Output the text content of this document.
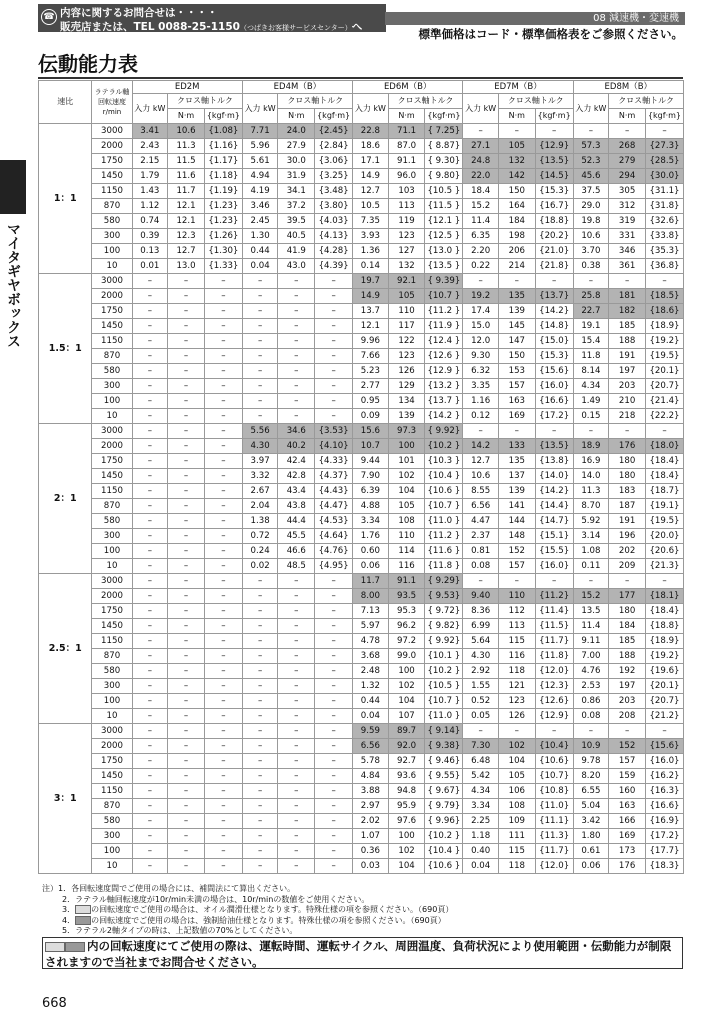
☎ 内容に関するお問合せは・・・・
販売店または、TEL 0088-25-1150（つばきお客様サービスセンター）へ
08 減速機・変速機
標準価格はコード・標準価格表をご参照ください。
伝動能力表
マイタギヤボックス
速比	ラテラル軸回転速度 r/min	ED2M			ED4M（B）			ED6M（B）			ED7M（B）			ED8M（B）		
		入力 kW	クロス軸トルク		入力 kW	クロス軸トルク		入力 kW	クロス軸トルク		入力 kW	クロス軸トルク		入力 kW	クロス軸トルク	
			N·m	{kgf·m}		N·m	{kgf·m}		N·m	{kgf·m}		N·m	{kgf·m}		N·m	{kgf·m}
1：1	3000	3.41	10.6	{1.08}	7.71	24.0	{2.45}	22.8	71.1	{ 7.25}	–	–	–	–	–	–
	2000	2.43	11.3	{1.16}	5.96	27.9	{2.84}	18.6	87.0	{ 8.87}	27.1	105	{12.9}	57.3	268	{27.3}
	1750	2.15	11.5	{1.17}	5.61	30.0	{3.06}	17.1	91.1	{ 9.30}	24.8	132	{13.5}	52.3	279	{28.5}
	1450	1.79	11.6	{1.18}	4.94	31.9	{3.25}	14.9	96.0	{ 9.80}	22.0	142	{14.5}	45.6	294	{30.0}
	1150	1.43	11.7	{1.19}	4.19	34.1	{3.48}	12.7	103	{10.5 }	18.4	150	{15.3}	37.5	305	{31.1}
	870	1.12	12.1	{1.23}	3.46	37.2	{3.80}	10.5	113	{11.5 }	15.2	164	{16.7}	29.0	312	{31.8}
	580	0.74	12.1	{1.23}	2.45	39.5	{4.03}	7.35	119	{12.1 }	11.4	184	{18.8}	19.8	319	{32.6}
	300	0.39	12.3	{1.26}	1.30	40.5	{4.13}	3.93	123	{12.5 }	6.35	198	{20.2}	10.6	331	{33.8}
	100	0.13	12.7	{1.30}	0.44	41.9	{4.28}	1.36	127	{13.0 }	2.20	206	{21.0}	3.70	346	{35.3}
	10	0.01	13.0	{1.33}	0.04	43.0	{4.39}	0.14	132	{13.5 }	0.22	214	{21.8}	0.38	361	{36.8}
1.5：1	3000	–	–	–	–	–	–	19.7	92.1	{ 9.39}	–	–	–	–	–	–
	2000	–	–	–	–	–	–	14.9	105	{10.7 }	19.2	135	{13.7}	25.8	181	{18.5}
	1750	–	–	–	–	–	–	13.7	110	{11.2 }	17.4	139	{14.2}	22.7	182	{18.6}
	1450	–	–	–	–	–	–	12.1	117	{11.9 }	15.0	145	{14.8}	19.1	185	{18.9}
	1150	–	–	–	–	–	–	9.96	122	{12.4 }	12.0	147	{15.0}	15.4	188	{19.2}
	870	–	–	–	–	–	–	7.66	123	{12.6 }	9.30	150	{15.3}	11.8	191	{19.5}
	580	–	–	–	–	–	–	5.23	126	{12.9 }	6.32	153	{15.6}	8.14	197	{20.1}
	300	–	–	–	–	–	–	2.77	129	{13.2 }	3.35	157	{16.0}	4.34	203	{20.7}
	100	–	–	–	–	–	–	0.95	134	{13.7 }	1.16	163	{16.6}	1.49	210	{21.4}
	10	–	–	–	–	–	–	0.09	139	{14.2 }	0.12	169	{17.2}	0.15	218	{22.2}
2：1	3000	–	–	–	5.56	34.6	{3.53}	15.6	97.3	{ 9.92}	–	–	–	–	–	–
	2000	–	–	–	4.30	40.2	{4.10}	10.7	100	{10.2 }	14.2	133	{13.5}	18.9	176	{18.0}
	1750	–	–	–	3.97	42.4	{4.33}	9.44	101	{10.3 }	12.7	135	{13.8}	16.9	180	{18.4}
	1450	–	–	–	3.32	42.8	{4.37}	7.90	102	{10.4 }	10.6	137	{14.0}	14.0	180	{18.4}
	1150	–	–	–	2.67	43.4	{4.43}	6.39	104	{10.6 }	8.55	139	{14.2}	11.3	183	{18.7}
	870	–	–	–	2.04	43.8	{4.47}	4.88	105	{10.7 }	6.56	141	{14.4}	8.70	187	{19.1}
	580	–	–	–	1.38	44.4	{4.53}	3.34	108	{11.0 }	4.47	144	{14.7}	5.92	191	{19.5}
	300	–	–	–	0.72	45.5	{4.64}	1.76	110	{11.2 }	2.37	148	{15.1}	3.14	196	{20.0}
	100	–	–	–	0.24	46.6	{4.76}	0.60	114	{11.6 }	0.81	152	{15.5}	1.08	202	{20.6}
	10	–	–	–	0.02	48.5	{4.95}	0.06	116	{11.8 }	0.08	157	{16.0}	0.11	209	{21.3}
2.5：1	3000	–	–	–	–	–	–	11.7	91.1	{ 9.29}	–	–	–	–	–	–
	2000	–	–	–	–	–	–	8.00	93.5	{ 9.53}	9.40	110	{11.2}	15.2	177	{18.1}
	1750	–	–	–	–	–	–	7.13	95.3	{ 9.72}	8.36	112	{11.4}	13.5	180	{18.4}
	1450	–	–	–	–	–	–	5.97	96.2	{ 9.82}	6.99	113	{11.5}	11.4	184	{18.8}
	1150	–	–	–	–	–	–	4.78	97.2	{ 9.92}	5.64	115	{11.7}	9.11	185	{18.9}
	870	–	–	–	–	–	–	3.68	99.0	{10.1 }	4.30	116	{11.8}	7.00	188	{19.2}
	580	–	–	–	–	–	–	2.48	100	{10.2 }	2.92	118	{12.0}	4.76	192	{19.6}
	300	–	–	–	–	–	–	1.32	102	{10.5 }	1.55	121	{12.3}	2.53	197	{20.1}
	100	–	–	–	–	–	–	0.44	104	{10.7 }	0.52	123	{12.6}	0.86	203	{20.7}
	10	–	–	–	–	–	–	0.04	107	{11.0 }	0.05	126	{12.9}	0.08	208	{21.2}
3：1	3000	–	–	–	–	–	–	9.59	89.7	{ 9.14}	–	–	–	–	–	–
	2000	–	–	–	–	–	–	6.56	92.0	{ 9.38}	7.30	102	{10.4}	10.9	152	{15.6}
	1750	–	–	–	–	–	–	5.78	92.7	{ 9.46}	6.48	104	{10.6}	9.78	157	{16.0}
	1450	–	–	–	–	–	–	4.84	93.6	{ 9.55}	5.42	105	{10.7}	8.20	159	{16.2}
	1150	–	–	–	–	–	–	3.88	94.8	{ 9.67}	4.34	106	{10.8}	6.55	160	{16.3}
	870	–	–	–	–	–	–	2.97	95.9	{ 9.79}	3.34	108	{11.0}	5.04	163	{16.6}
	580	–	–	–	–	–	–	2.02	97.6	{ 9.96}	2.25	109	{11.1}	3.42	166	{16.9}
	300	–	–	–	–	–	–	1.07	100	{10.2 }	1.18	111	{11.3}	1.80	169	{17.2}
	100	–	–	–	–	–	–	0.36	102	{10.4 }	0.40	115	{11.7}	0.61	173	{17.7}
	10	–	–	–	–	–	–	0.03	104	{10.6 }	0.04	118	{12.0}	0.06	176	{18.3}
注）1．各回転速度間でご使用の場合には、補間法にて算出ください。
2．ラテラル軸回転速度が10r/min未満の場合は、10r/minの数値をご使用ください。
3． の回転速度でご使用の場合は、オイル潤滑仕様となります。特殊仕様の項を参照ください。（690頁）
4． の回転速度でご使用の場合は、強制給油仕様となります。特殊仕様の項を参照ください。（690頁）
5．ラテラル2軸タイプの時は、上記数値の70%としてください。
内の回転速度にてご使用の際は、運転時間、運転サイクル、周囲温度、負荷状況により使用範囲・伝動能力が制限されますので当社までお問合せください。
668
